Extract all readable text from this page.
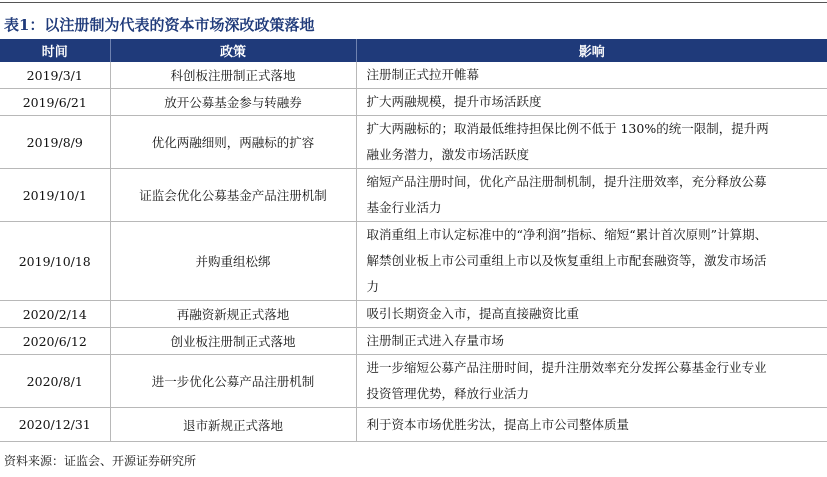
表1：以注册制为代表的资本市场深改政策落地
时间	政策	影响
2019/3/1	科创板注册制正式落地	注册制正式拉开帷幕

2019/6/21	放开公募基金参与转融券	扩大两融规模，提升市场活跃度

2019/8/9	优化两融细则，两融标的扩容	扩大两融标的；取消最低维持担保比例不低于 130%的统一限制，提升两
融业务潜力，激发市场活跃度

2019/10/1	证监会优化公募基金产品注册机制	缩短产品注册时间，优化产品注册制机制，提升注册效率，充分释放公募
基金行业活力

2019/10/18	并购重组松绑	取消重组上市认定标准中的“净利润”指标、缩短“累计首次原则”计算期、
解禁创业板上市公司重组上市以及恢复重组上市配套融资等，激发市场活
力

2020/2/14	再融资新规正式落地	吸引长期资金入市，提高直接融资比重

2020/6/12	创业板注册制正式落地	注册制正式进入存量市场

2020/8/1	进一步优化公募产品注册机制	进一步缩短公募产品注册时间，提升注册效率充分发挥公募基金行业专业
投资管理优势，释放行业活力

2020/12/31	退市新规正式落地	利于资本市场优胜劣汰，提高上市公司整体质量
资料来源：证监会、开源证券研究所
